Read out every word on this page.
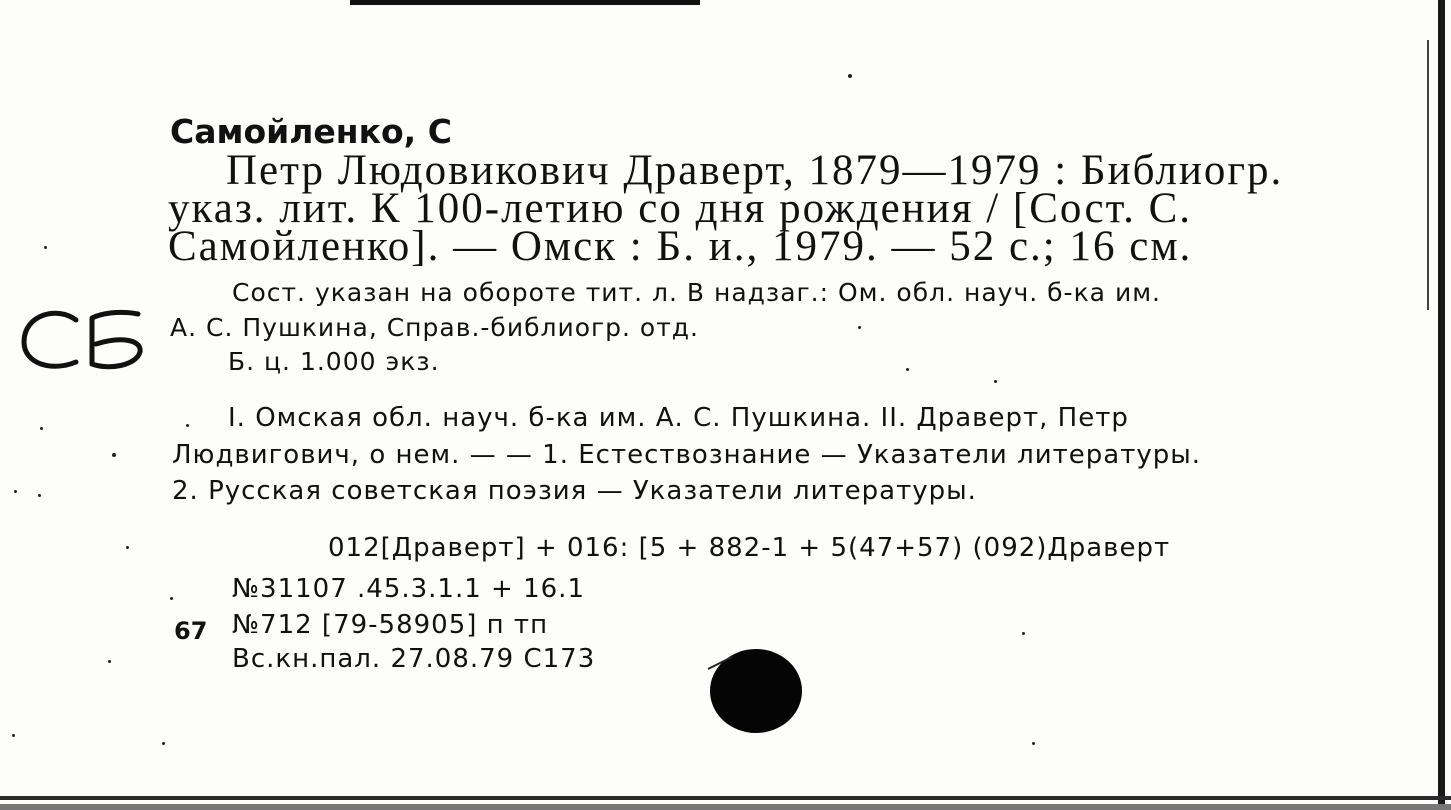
Самойленко, С
Петр Людовикович Драверт, 1879—1979 : Библиогр.
указ. лит. К 100-летию со дня рождения / [Сост. С.
Самойленко]. — Омск : Б. и., 1979. — 52 с.; 16 см.
Сост. указан на обороте тит. л. В надзаг.: Ом. обл. науч. б-ка им.
А. С. Пушкина, Справ.-библиогр. отд.
Б. ц. 1.000 экз.
I. Омская обл. науч. б-ка им. А. С. Пушкина. II. Драверт, Петр
Людвигович, о нем. — — 1. Естествознание — Указатели литературы.
2. Русская советская поэзия — Указатели литературы.
012[Драверт] + 016: [5 + 882-1 + 5(47+57) (092)Драверт
№31107 .45.3.1.1 + 16.1
67 №712 [79-58905] п тп
Вс.кн.пал. 27.08.79 С173
